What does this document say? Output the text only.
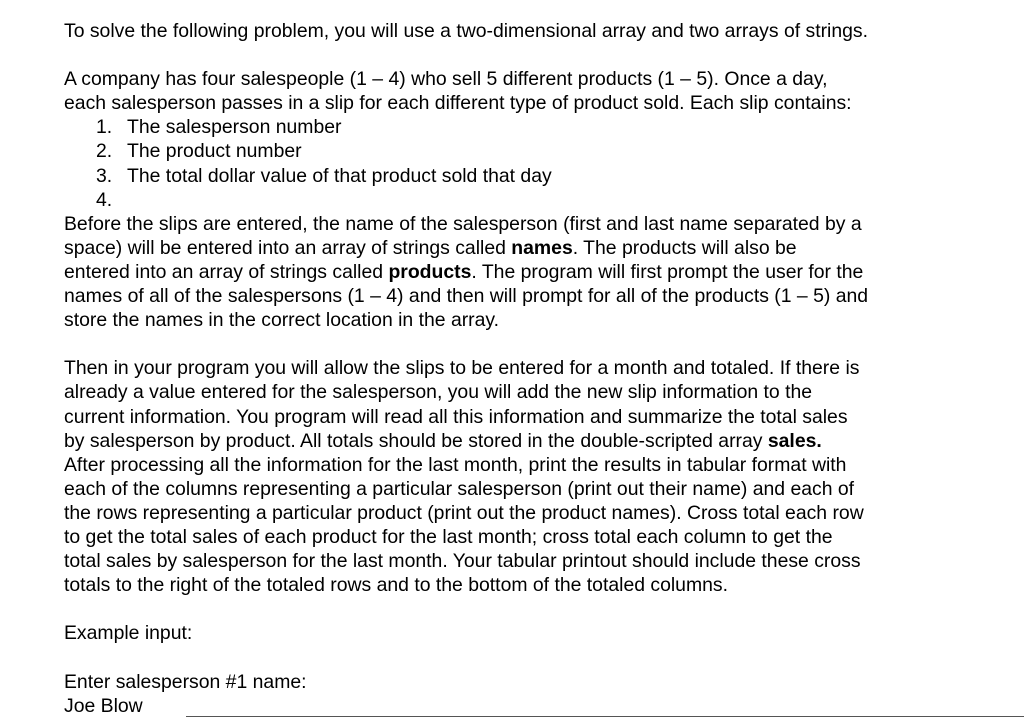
To solve the following problem, you will use a two-dimensional array and two arrays of strings.
A company has four salespeople (1 – 4) who sell 5 different products (1 – 5). Once a day,
each salesperson passes in a slip for each different type of product sold. Each slip contains:
1. The salesperson number
2. The product number
3. The total dollar value of that product sold that day
4.
Before the slips are entered, the name of the salesperson (first and last name separated by a
space) will be entered into an array of strings called names. The products will also be
entered into an array of strings called products. The program will first prompt the user for the
names of all of the salespersons (1 – 4) and then will prompt for all of the products (1 – 5) and
store the names in the correct location in the array.
Then in your program you will allow the slips to be entered for a month and totaled. If there is
already a value entered for the salesperson, you will add the new slip information to the
current information. You program will read all this information and summarize the total sales
by salesperson by product. All totals should be stored in the double-scripted array sales.
After processing all the information for the last month, print the results in tabular format with
each of the columns representing a particular salesperson (print out their name) and each of
the rows representing a particular product (print out the product names). Cross total each row
to get the total sales of each product for the last month; cross total each column to get the
total sales by salesperson for the last month. Your tabular printout should include these cross
totals to the right of the totaled rows and to the bottom of the totaled columns.
Example input:
Enter salesperson #1 name:
Joe Blow
